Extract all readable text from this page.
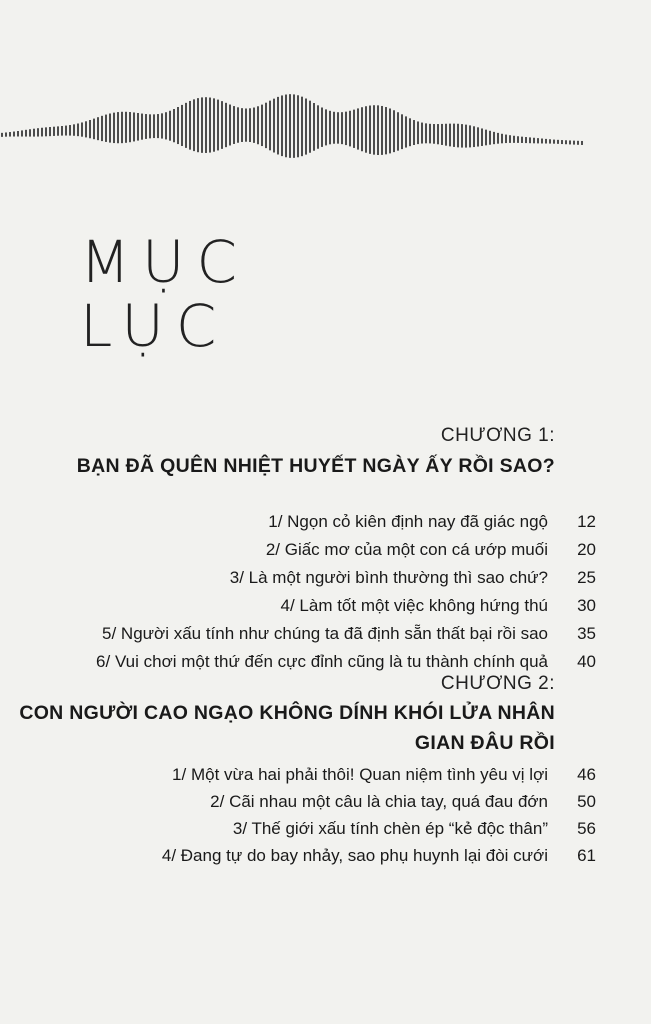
MỤC
LỤC
CHƯƠNG 1:
BẠN ĐÃ QUÊN NHIỆT HUYẾT NGÀY ẤY RỒI SAO?
1/ Ngọn cỏ kiên định nay đã giác ngộ 12
2/ Giấc mơ của một con cá ướp muối 20
3/ Là một người bình thường thì sao chứ? 25
4/ Làm tốt một việc không hứng thú 30
5/ Người xấu tính như chúng ta đã định sẵn thất bại rồi sao 35
6/ Vui chơi một thứ đến cực đỉnh cũng là tu thành chính quả 40
CHƯƠNG 2:
CON NGƯỜI CAO NGẠO KHÔNG DÍNH KHÓI LỬA NHÂN
GIAN ĐÂU RỒI
1/ Một vừa hai phải thôi! Quan niệm tình yêu vị lợi 46
2/ Cãi nhau một câu là chia tay, quá đau đớn 50
3/ Thế giới xấu tính chèn ép “kẻ độc thân” 56
4/ Đang tự do bay nhảy, sao phụ huynh lại đòi cưới 61
